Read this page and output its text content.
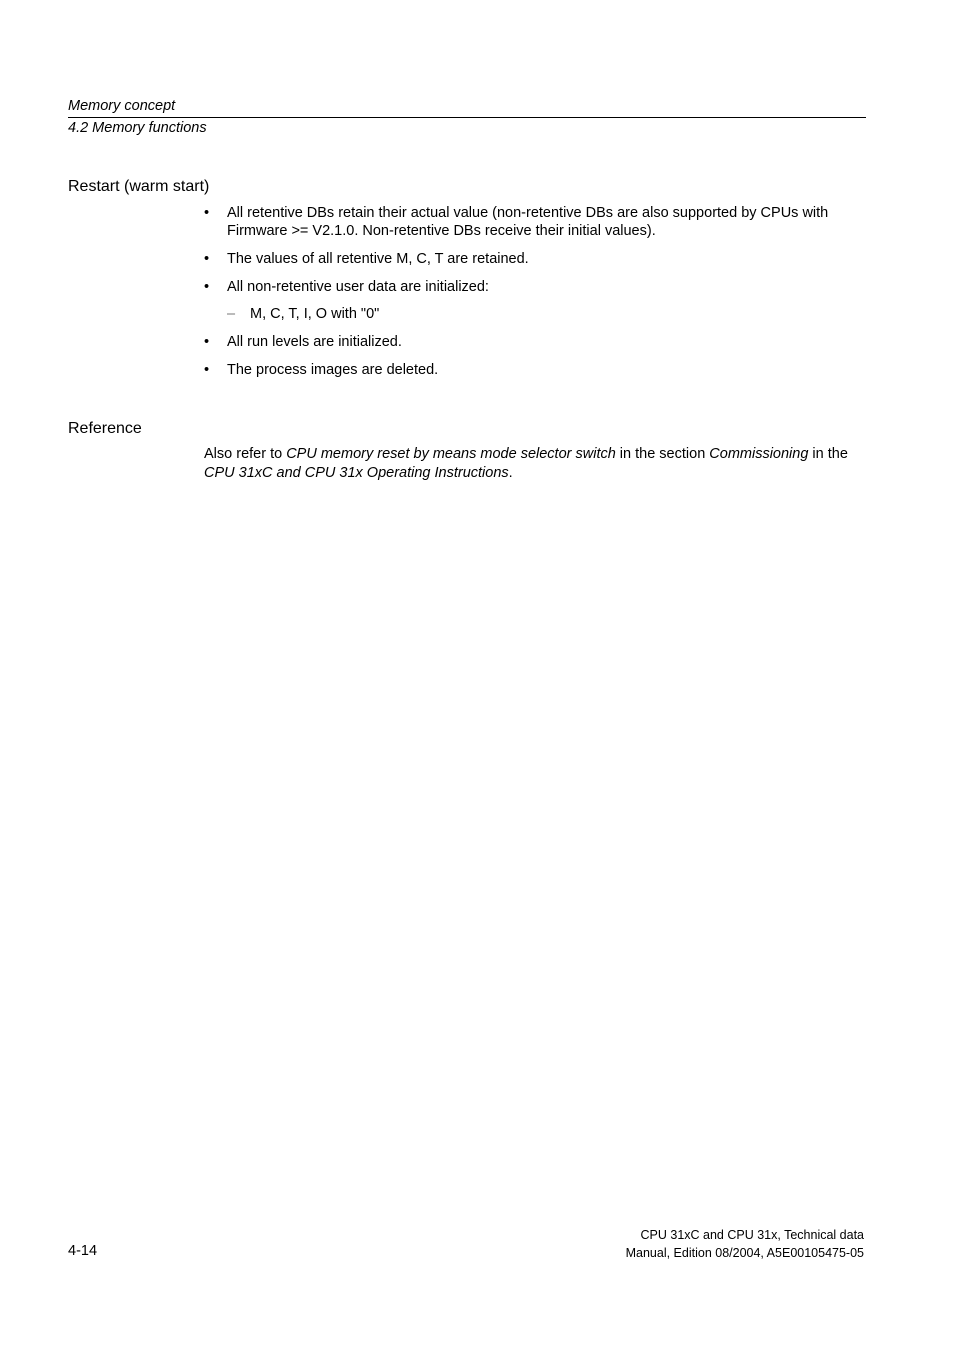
Memory concept
4.2 Memory functions
Restart (warm start)
•	All retentive DBs retain their actual value (non-retentive DBs are also supported by CPUs with Firmware >= V2.1.0. Non-retentive DBs receive their initial values).
•	The values of all retentive M, C, T are retained.
•	All non-retentive user data are initialized:
– M, C, T, I, O with "0"
•	All run levels are initialized.
•	The process images are deleted.
Reference

Also refer to CPU memory reset by means mode selector switch in the section Commissioning in the CPU 31xC and CPU 31x Operating Instructions.

4-14
CPU 31xC and CPU 31x, Technical data
Manual, Edition 08/2004, A5E00105475-05
